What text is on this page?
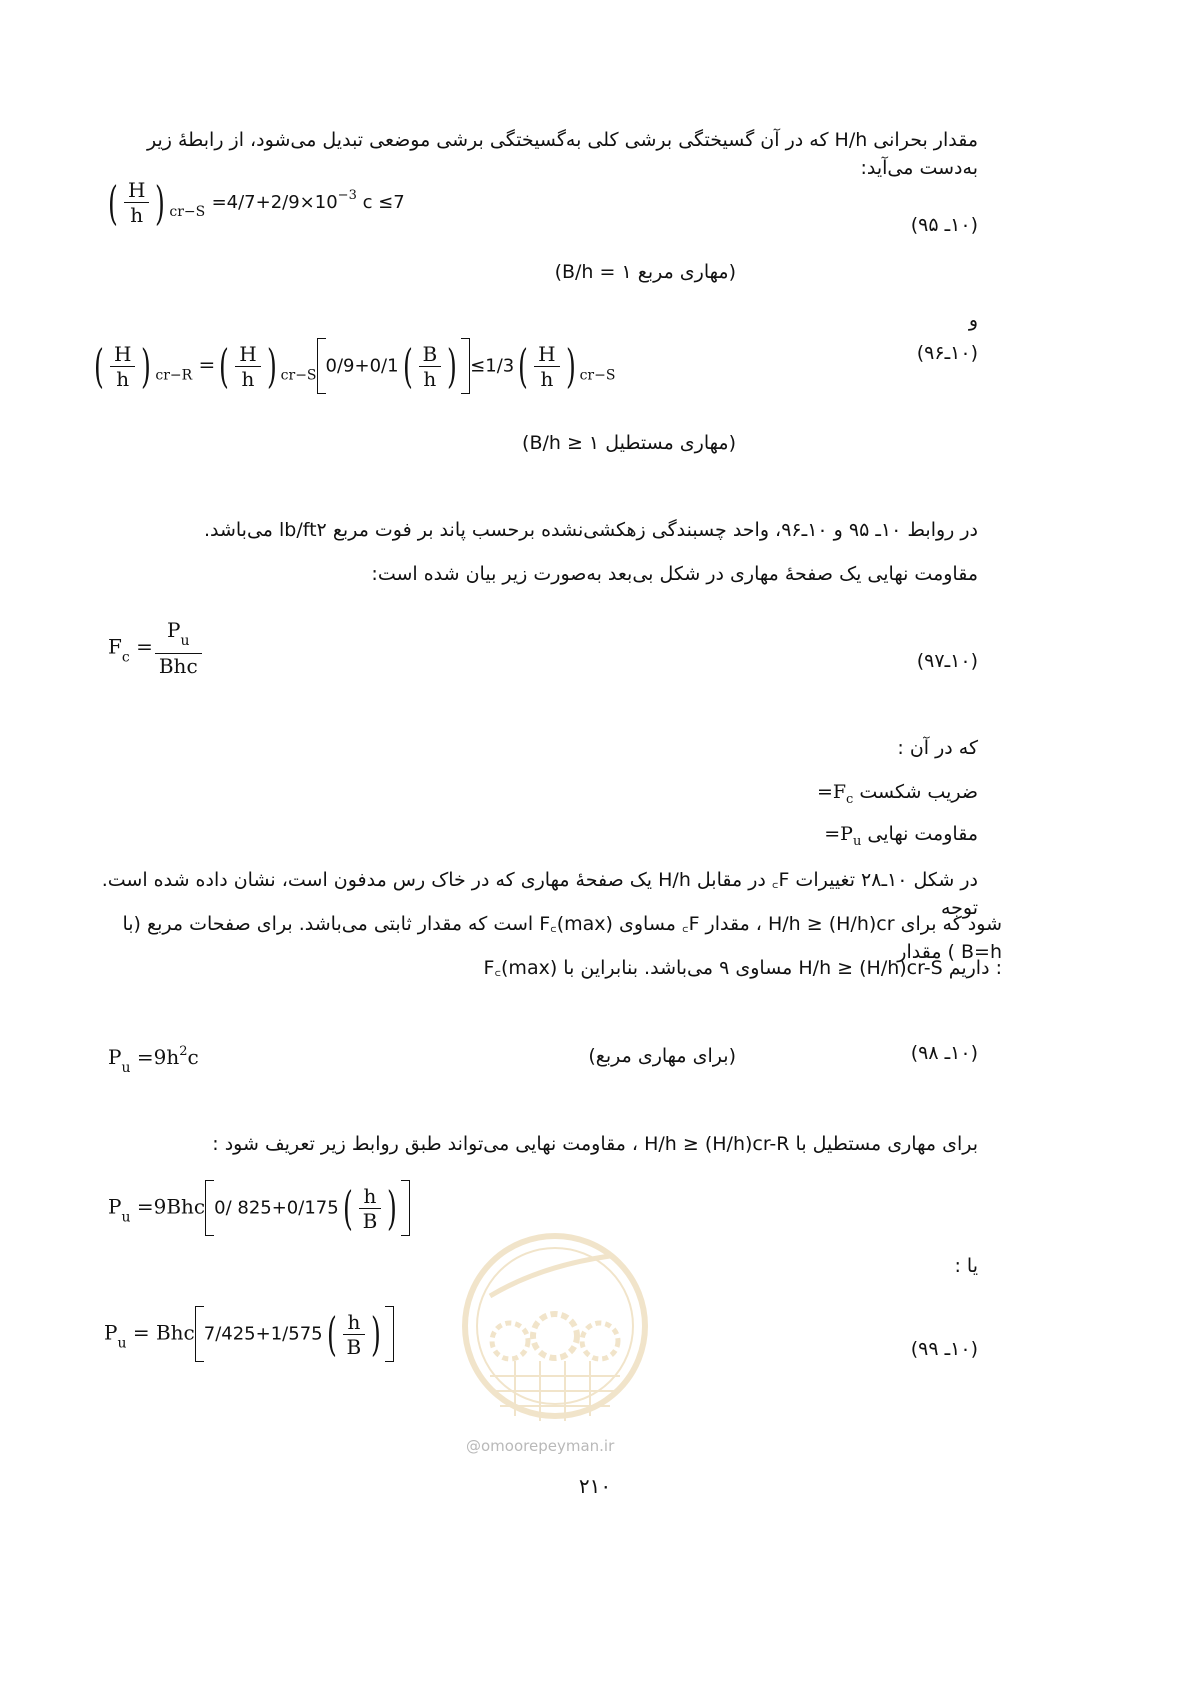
مقدار بحرانی H/h که در آن گسیختگی برشی کلی به‌گسیختگی برشی موضعی تبدیل می‌شود، از رابطهٔ زیر به‌دست می‌آید:
( $\frac{H}{h}$ ) $_{cr-S} =4/7+2/9\times 10^{-3}$ c ≤7
(۱۰ـ ۹۵)
(B/h = ۱ مهاری مربع)
و
( $\frac{H}{h}$ ) $_{cr-R}$ =( $\frac{H}{h}$ ) $_{cr-S}$ $0/9+0/1( \frac{B}{h}$ ) $\le 1/3( \frac{H}{h}$ ) $_{cr-S}$
(۱۰ـ۹۶)
(B/h ≥ ۱ مهاری مستطیل)
در روابط ۱۰ـ ۹۵ و ۱۰ـ۹۶، واحد چسبندگی زهکشی‌نشده برحسب پاند بر فوت مربع lb/ft۲ می‌باشد.
مقاومت نهایی یک صفحهٔ مهاری در شکل بی‌بعد به‌صورت زیر بیان شده است:
$F_c = \frac{P_u}{\text{Bhc}}$	(۱۰ـ۹۷)
که در آن :
ضریب شکست $=F_c$
مقاومت نهایی $=P_u$
در شکل ۱۰ـ۲۸ تغییرات F꜀ در مقابل H/h یک صفحهٔ مهاری که در خاک رس مدفون است، نشان داده شده است. توجه
شود که برای H/h ≥ (H/h)cr ، مقدار F꜀ مساوی F꜀(max) است که مقدار ثابتی می‌باشد. برای صفحات مربع (با B=h ) مقدار
F꜀(max) مساوی ۹ می‌باشد. بنابراین با H/h ≥ (H/h)cr-S داریم :
$P_u =9h^2c$	(برای مهاری مربع)	(۱۰ـ ۹۸)
برای مهاری مستطیل با H/h ≥ (H/h)cr-R ، مقاومت نهایی می‌تواند طبق روابط زیر تعریف شود :
$P_u =9Bhc$ 0/ $825+0/175( \frac{h}{B}$ )
یا :
$P_u$ = Bhc $7/425+1/575( \frac{h}{B}$ )	(۱۰ـ ۹۹)
@omoorepeyman.ir
۲۱۰
